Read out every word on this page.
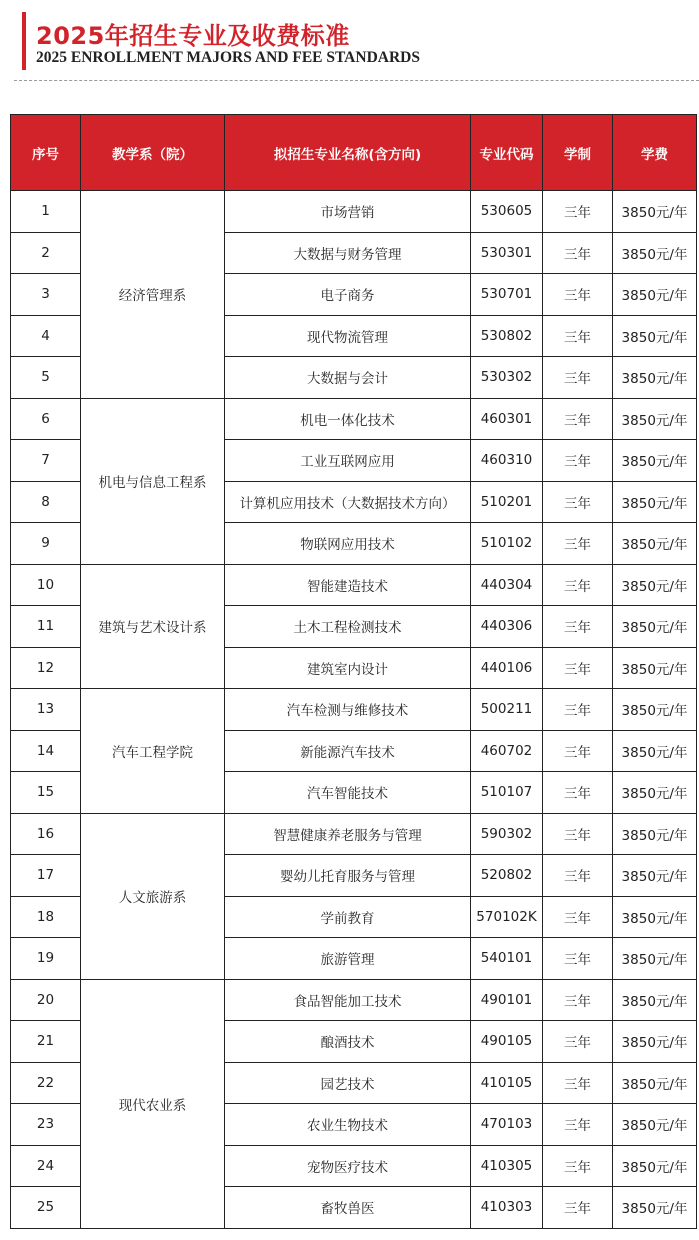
2025年招生专业及收费标准
2025 ENROLLMENT MAJORS AND FEE STANDARDS
序号	教学系（院）	拟招生专业名称(含方向)	专业代码	学制	学费
1	经济管理系	市场营销	530605	三年	3850元/年
2		大数据与财务管理	530301	三年	3850元/年
3		电子商务	530701	三年	3850元/年
4		现代物流管理	530802	三年	3850元/年
5		大数据与会计	530302	三年	3850元/年
6	机电与信息工程系	机电一体化技术	460301	三年	3850元/年
7		工业互联网应用	460310	三年	3850元/年
8		计算机应用技术（大数据技术方向）	510201	三年	3850元/年
9		物联网应用技术	510102	三年	3850元/年
10	建筑与艺术设计系	智能建造技术	440304	三年	3850元/年
11		土木工程检测技术	440306	三年	3850元/年
12		建筑室内设计	440106	三年	3850元/年
13	汽车工程学院	汽车检测与维修技术	500211	三年	3850元/年
14		新能源汽车技术	460702	三年	3850元/年
15		汽车智能技术	510107	三年	3850元/年
16	人文旅游系	智慧健康养老服务与管理	590302	三年	3850元/年
17		婴幼儿托育服务与管理	520802	三年	3850元/年
18		学前教育	570102K	三年	3850元/年
19		旅游管理	540101	三年	3850元/年
20	现代农业系	食品智能加工技术	490101	三年	3850元/年
21		酿酒技术	490105	三年	3850元/年
22		园艺技术	410105	三年	3850元/年
23		农业生物技术	470103	三年	3850元/年
24		宠物医疗技术	410305	三年	3850元/年
25		畜牧兽医	410303	三年	3850元/年
